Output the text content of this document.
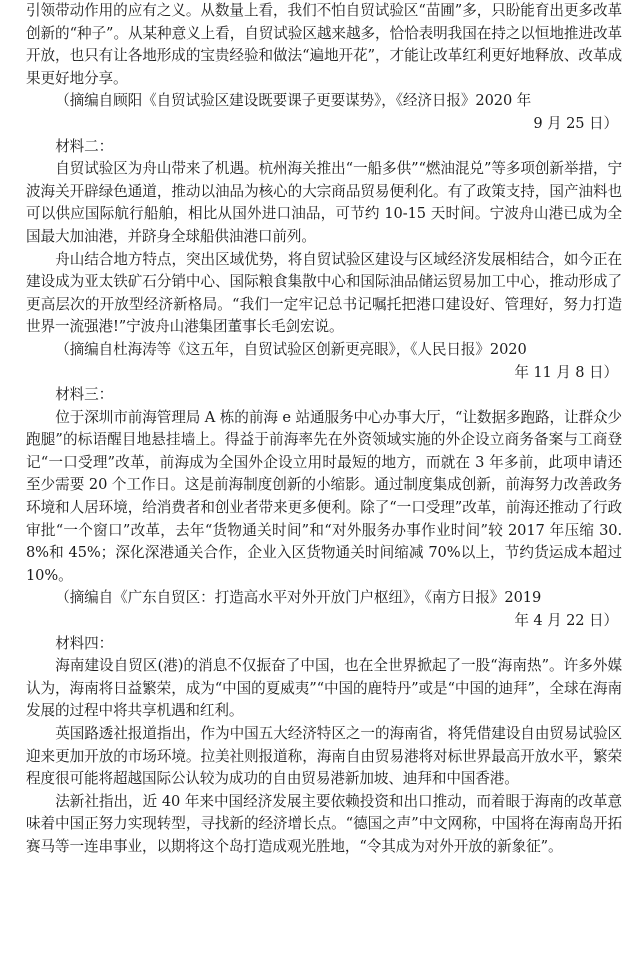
引领带动作用的应有之义。从数量上看，我们不怕自贸试验区“苗圃”多，只盼能育出更多改革创新的“种子”。从某种意义上看，自贸试验区越来越多，恰恰表明我国在持之以恒地推进改革开放，也只有让各地形成的宝贵经验和做法“遍地开花”，才能让改革红利更好地释放、改革成果更好地分享。

（摘编自顾阳《自贸试验区建设既要课子更要谋势》，《经济日报》2020 年
9 月 25 日）

材料二：

自贸试验区为舟山带来了机遇。杭州海关推出“一船多供”“燃油混兑”等多项创新举措，宁波海关开辟绿色通道，推动以油品为核心的大宗商品贸易便利化。有了政策支持，国产油料也可以供应国际航行船舶，相比从国外进口油品，可节约 10-15 天时间。宁波舟山港已成为全国最大加油港，并跻身全球船供油港口前列。

舟山结合地方特点，突出区域优势，将自贸试验区建设与区域经济发展相结合，如今正在建设成为亚太铁矿石分销中心、国际粮食集散中心和国际油品储运贸易加工中心，推动形成了更高层次的开放型经济新格局。“我们一定牢记总书记嘱托把港口建设好、管理好，努力打造世界一流强港!”宁波舟山港集团董事长毛剑宏说。

（摘编自杜海涛等《这五年，自贸试验区创新更亮眼》，《人民日报》2020
年 11 月 8 日）

材料三：

位于深圳市前海管理局 A 栋的前海 e 站通服务中心办事大厅，“让数据多跑路，让群众少跑腿”的标语醒目地悬挂墙上。得益于前海率先在外资领域实施的外企设立商务备案与工商登记“一口受理”改革，前海成为全国外企设立用时最短的地方，而就在 3 年多前，此项申请还至少需要 20 个工作日。这是前海制度创新的小缩影。通过制度集成创新，前海努力改善政务环境和人居环境，给消费者和创业者带来更多便利。除了“一口受理”改革，前海还推动了行政审批“一个窗口”改革，去年“货物通关时间”和“对外服务办事作业时间”较 2017 年压缩 30.8%和 45%；深化深港通关合作，企业入区货物通关时间缩减 70%以上，节约货运成本超过 10%。

（摘编自《广东自贸区：打造高水平对外开放门户枢纽》，《南方日报》2019
年 4 月 22 日）

材料四：

海南建设自贸区(港)的消息不仅振奋了中国，也在全世界掀起了一股“海南热”。许多外媒认为，海南将日益繁荣，成为“中国的夏威夷”“中国的鹿特丹”或是“中国的迪拜”，全球在海南发展的过程中将共享机遇和红利。

英国路透社报道指出，作为中国五大经济特区之一的海南省，将凭借建设自由贸易试验区迎来更加开放的市场环境。拉美社则报道称，海南自由贸易港将对标世界最高开放水平，繁荣程度很可能将超越国际公认较为成功的自由贸易港新加坡、迪拜和中国香港。

法新社指出，近 40 年来中国经济发展主要依赖投资和出口推动，而着眼于海南的改革意味着中国正努力实现转型，寻找新的经济增长点。“德国之声”中文网称，中国将在海南岛开拓赛马等一连串事业，以期将这个岛打造成观光胜地，“令其成为对外开放的新象征”。
